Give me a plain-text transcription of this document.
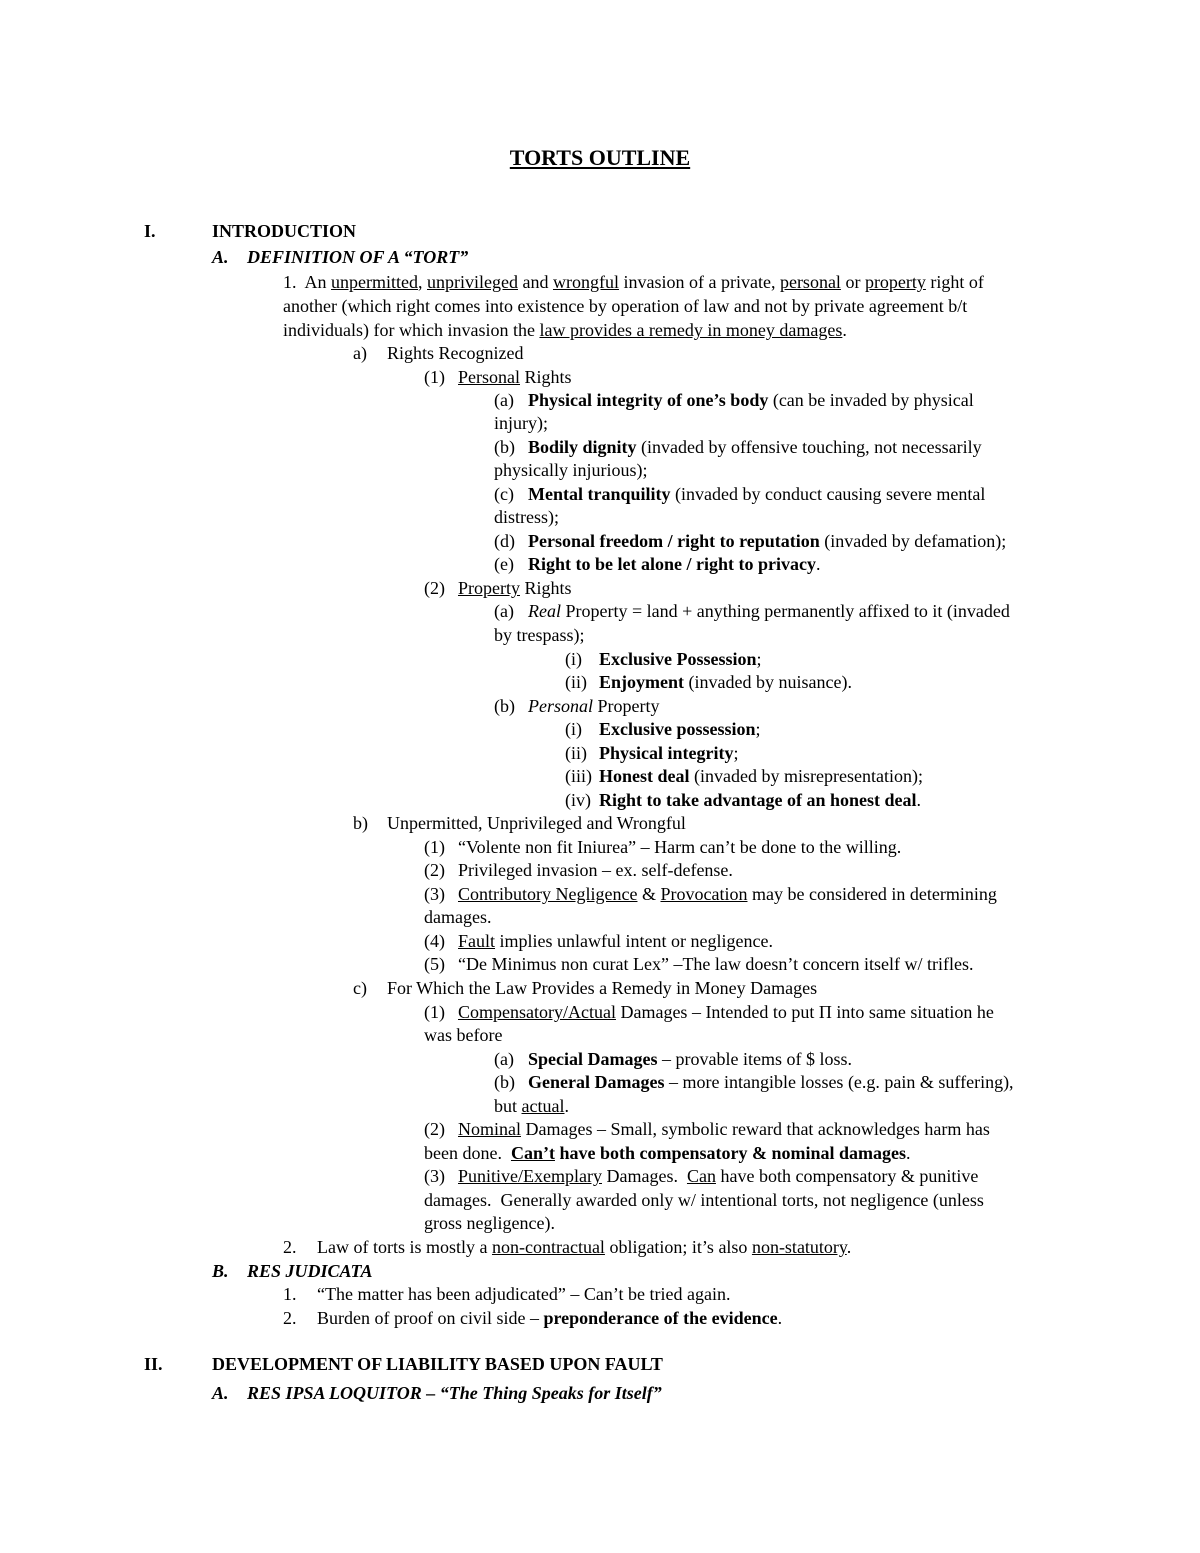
TORTS OUTLINE
I.	INTRODUCTION
A. DEFINITION OF A “TORT”
1. An unpermitted, unprivileged and wrongful invasion of a private, personal or property right of
another (which right comes into existence by operation of law and not by private agreement b/t
individuals) for which invasion the law provides a remedy in money damages.
a) Rights Recognized
(1) Personal Rights
(a) Physical integrity of one’s body (can be invaded by physical
injury);
(b) Bodily dignity (invaded by offensive touching, not necessarily
physically injurious);
(c) Mental tranquility (invaded by conduct causing severe mental
distress);
(d) Personal freedom / right to reputation (invaded by defamation);
(e) Right to be let alone / right to privacy.
(2) Property Rights
(a) Real Property = land + anything permanently affixed to it (invaded
by trespass);
(i) Exclusive Possession;
(ii) Enjoyment (invaded by nuisance).
(b) Personal Property
(i) Exclusive possession;
(ii) Physical integrity;
(iii) Honest deal (invaded by misrepresentation);
(iv) Right to take advantage of an honest deal.
b) Unpermitted, Unprivileged and Wrongful
(1) “Volente non fit Iniurea” – Harm can’t be done to the willing.
(2) Privileged invasion – ex. self-defense.
(3) Contributory Negligence & Provocation may be considered in determining
damages.
(4) Fault implies unlawful intent or negligence.
(5) “De Minimus non curat Lex” –The law doesn’t concern itself w/ trifles.
c) For Which the Law Provides a Remedy in Money Damages
(1) Compensatory/Actual Damages – Intended to put Π into same situation he
was before
(a) Special Damages – provable items of $ loss.
(b) General Damages – more intangible losses (e.g. pain & suffering),
but actual.
(2) Nominal Damages – Small, symbolic reward that acknowledges harm has
been done.  Can’t have both compensatory & nominal damages.
(3) Punitive/Exemplary Damages.  Can have both compensatory & punitive
damages.  Generally awarded only w/ intentional torts, not negligence (unless
gross negligence).
2. Law of torts is mostly a non-contractual obligation; it’s also non-statutory.
B. RES JUDICATA
1. “The matter has been adjudicated” – Can’t be tried again.
2. Burden of proof on civil side – preponderance of the evidence.
II.	DEVELOPMENT OF LIABILITY BASED UPON FAULT
A. RES IPSA LOQUITOR – “The Thing Speaks for Itself”
